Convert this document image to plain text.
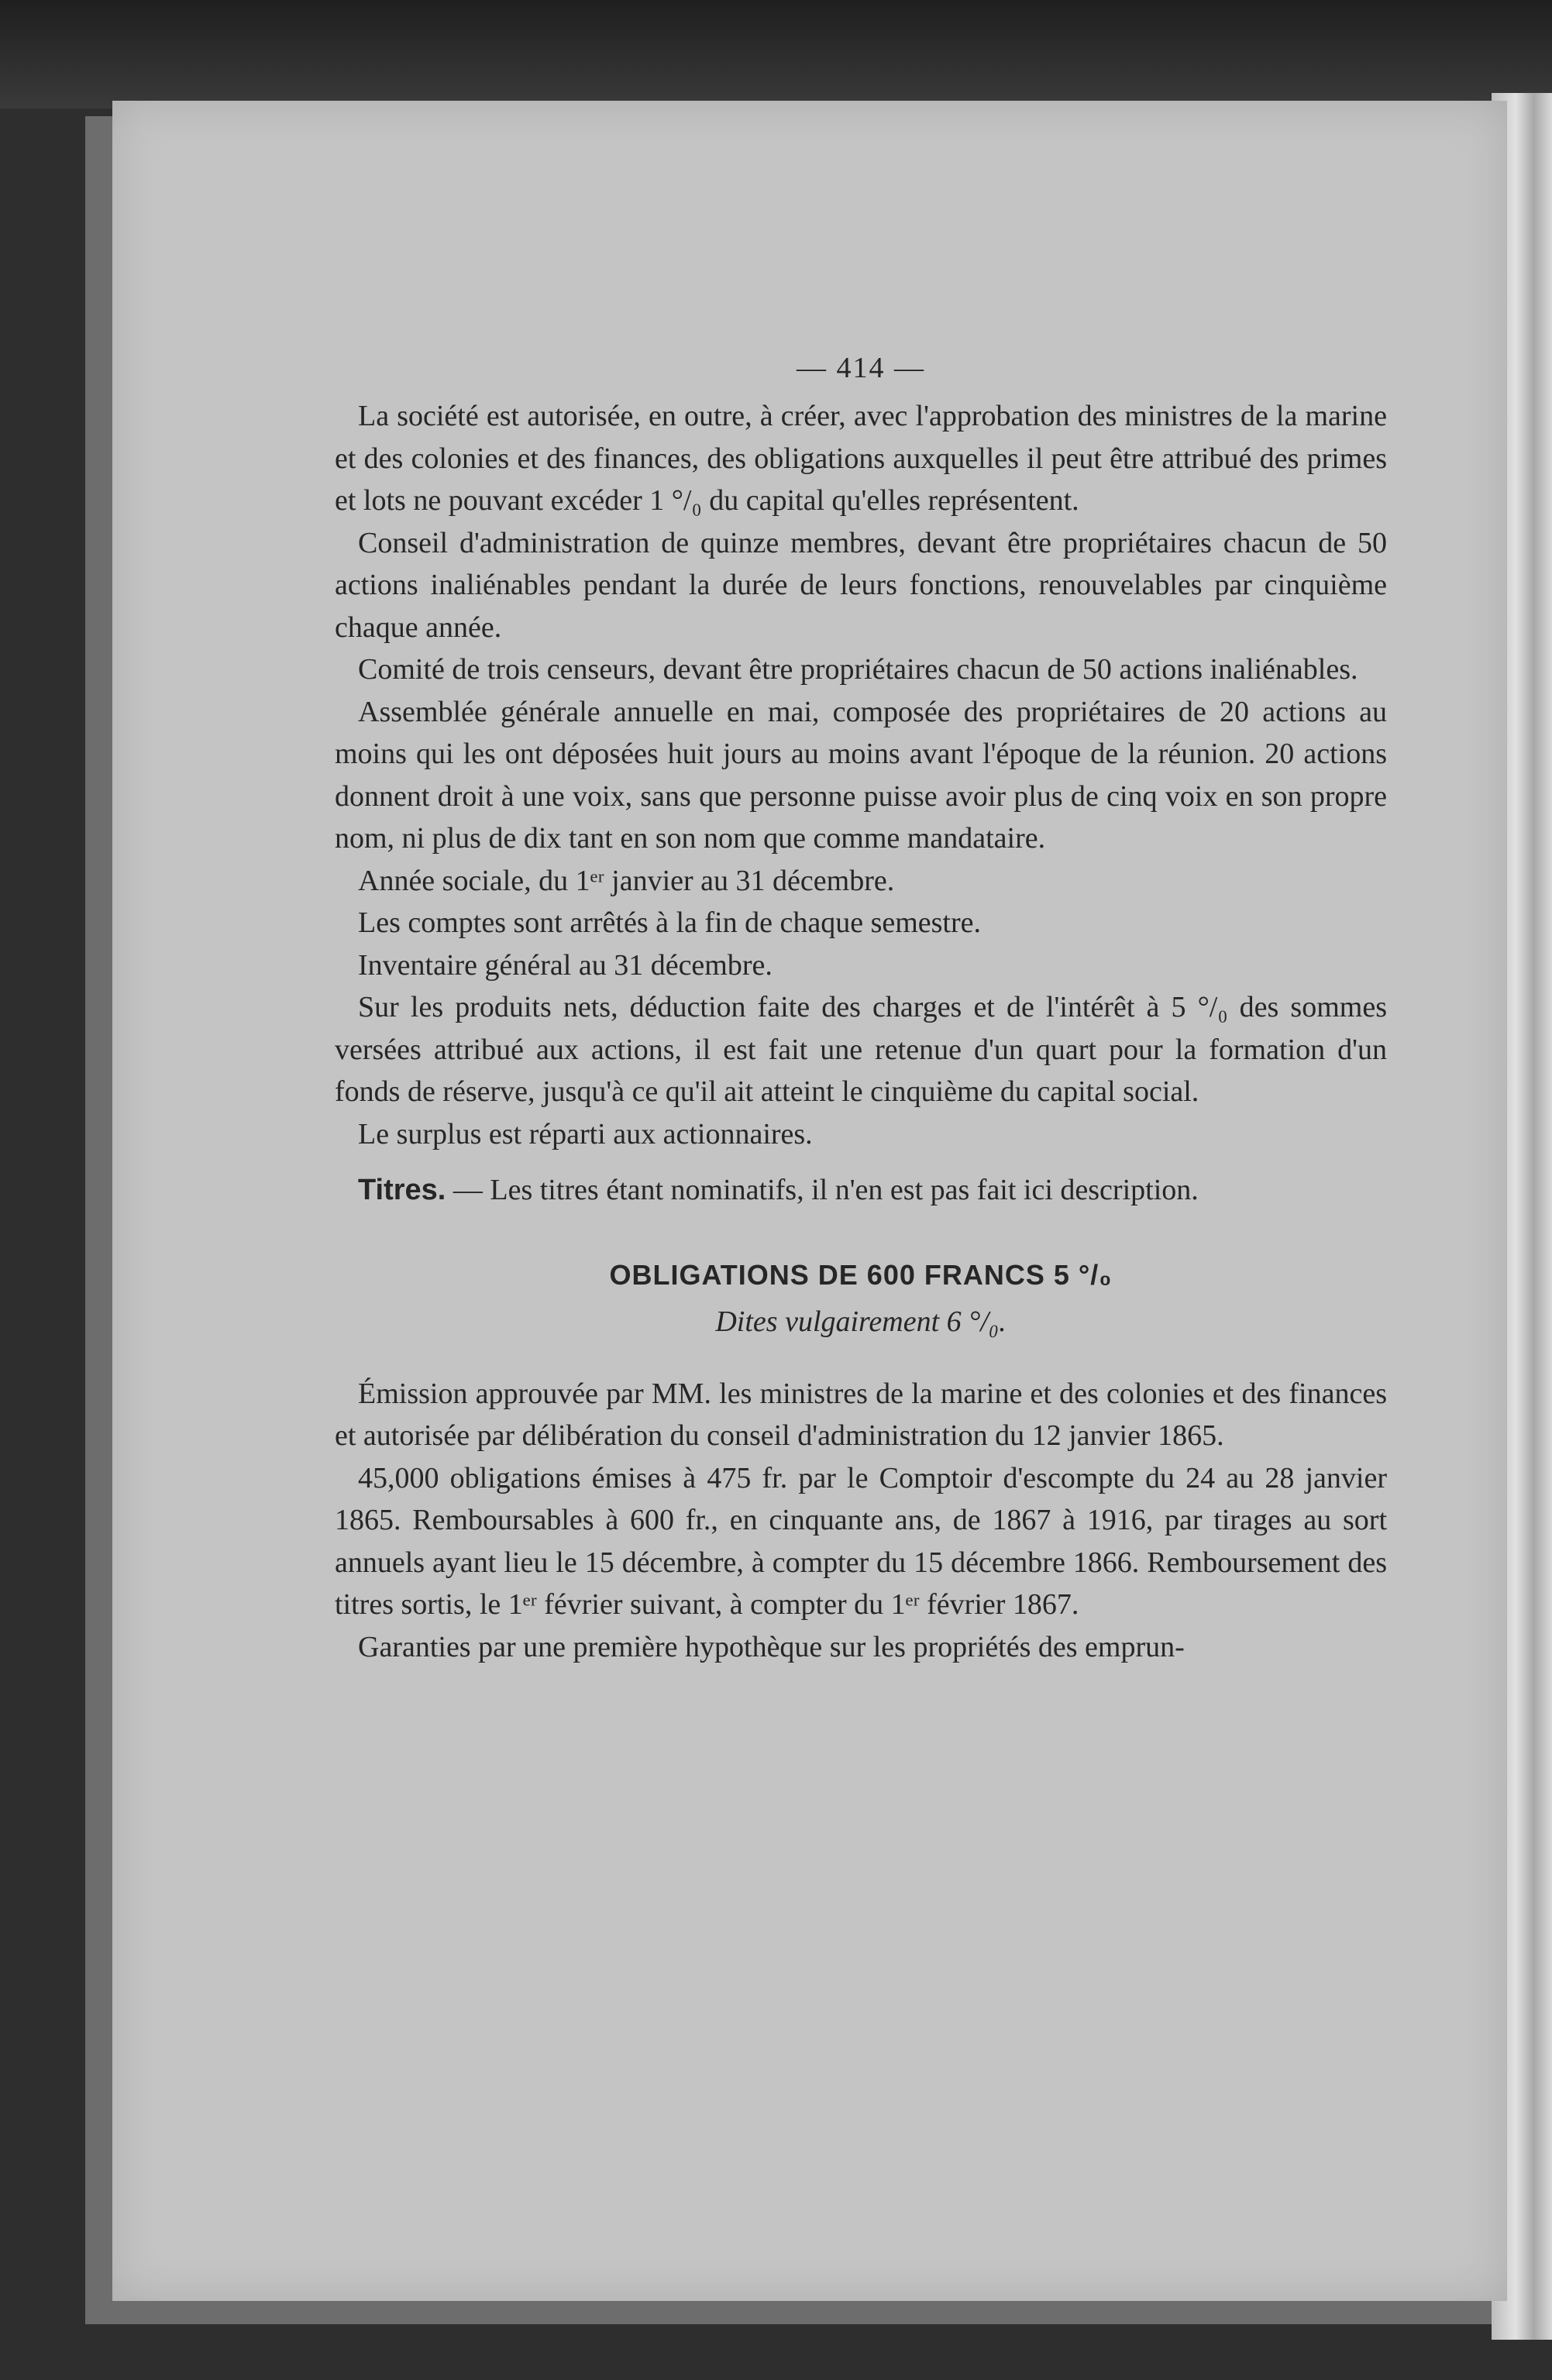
— 414 —

La société est autorisée, en outre, à créer, avec l'approbation des ministres de la marine et des colonies et des finances, des obligations auxquelles il peut être attribué des primes et lots ne pouvant excéder 1 °/₀ du capital qu'elles représentent.

Conseil d'administration de quinze membres, devant être propriétaires chacun de 50 actions inaliénables pendant la durée de leurs fonctions, renouvelables par cinquième chaque année.

Comité de trois censeurs, devant être propriétaires chacun de 50 actions inaliénables.

Assemblée générale annuelle en mai, composée des propriétaires de 20 actions au moins qui les ont déposées huit jours au moins avant l'époque de la réunion. 20 actions donnent droit à une voix, sans que personne puisse avoir plus de cinq voix en son propre nom, ni plus de dix tant en son nom que comme mandataire.

Année sociale, du 1ᵉʳ janvier au 31 décembre.

Les comptes sont arrêtés à la fin de chaque semestre.

Inventaire général au 31 décembre.

Sur les produits nets, déduction faite des charges et de l'intérêt à 5 °/₀ des sommes versées attribué aux actions, il est fait une retenue d'un quart pour la formation d'un fonds de réserve, jusqu'à ce qu'il ait atteint le cinquième du capital social.

Le surplus est réparti aux actionnaires.

Titres. — Les titres étant nominatifs, il n'en est pas fait ici description.

OBLIGATIONS DE 600 FRANCS 5 °/₀
Dites vulgairement 6 °/₀.

Émission approuvée par MM. les ministres de la marine et des colonies et des finances et autorisée par délibération du conseil d'administration du 12 janvier 1865.

45,000 obligations émises à 475 fr. par le Comptoir d'escompte du 24 au 28 janvier 1865. Remboursables à 600 fr., en cinquante ans, de 1867 à 1916, par tirages au sort annuels ayant lieu le 15 décembre, à compter du 15 décembre 1866. Remboursement des titres sortis, le 1ᵉʳ février suivant, à compter du 1ᵉʳ février 1867.

Garanties par une première hypothèque sur les propriétés des emprun-
